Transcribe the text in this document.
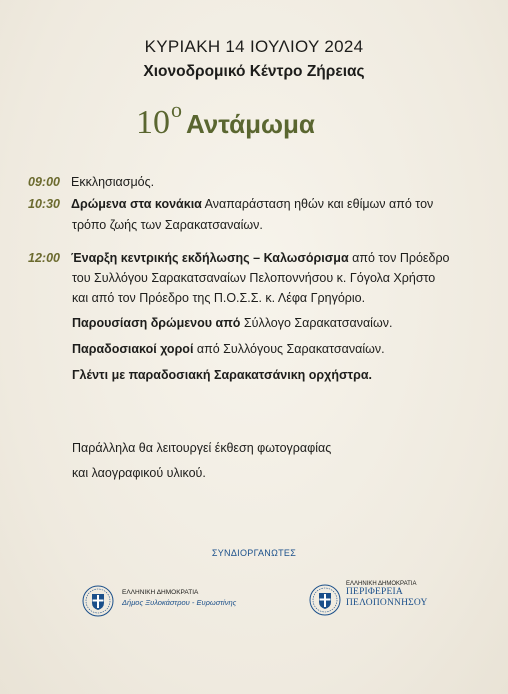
ΚΥΡΙΑΚΗ 14 ΙΟΥΛΙΟΥ 2024
Χιονοδρομικό Κέντρο Ζήρειας
10ο Αντάμωμα
09:00 Εκκλησιασμός.
10:30 Δρώμενα στα κονάκια Αναπαράσταση ηθών και εθίμων από τον
τρόπο ζωής των Σαρακατσαναίων.
12:00 Έναρξη κεντρικής εκδήλωσης – Καλωσόρισμα από τον Πρόεδρο
του Συλλόγου Σαρακατσαναίων Πελοποννήσου κ. Γόγολα Χρήστο
και από τον Πρόεδρο της Π.Ο.Σ.Σ. κ. Λέφα Γρηγόριο.
Παρουσίαση δρώμενου από Σύλλογο Σαρακατσαναίων.
Παραδοσιακοί χοροί από Συλλόγους Σαρακατσαναίων.
Γλέντι με παραδοσιακή Σαρακατσάνικη ορχήστρα.
Παράλληλα θα λειτουργεί έκθεση φωτογραφίας
και λαογραφικού υλικού.
ΣΥΝΔΙΟΡΓΑΝΩΤΕΣ
ΕΛΛΗΝΙΚΗ ΔΗΜΟΚΡΑΤΙΑ
Δήμος Ξυλοκάστρου - Ευρωστίνης
ΕΛΛΗΝΙΚΗ ΔΗΜΟΚΡΑΤΙΑ
ΠΕΡΙΦΕΡΕΙΑ
ΠΕΛΟΠΟΝΝΗΣΟΥ
